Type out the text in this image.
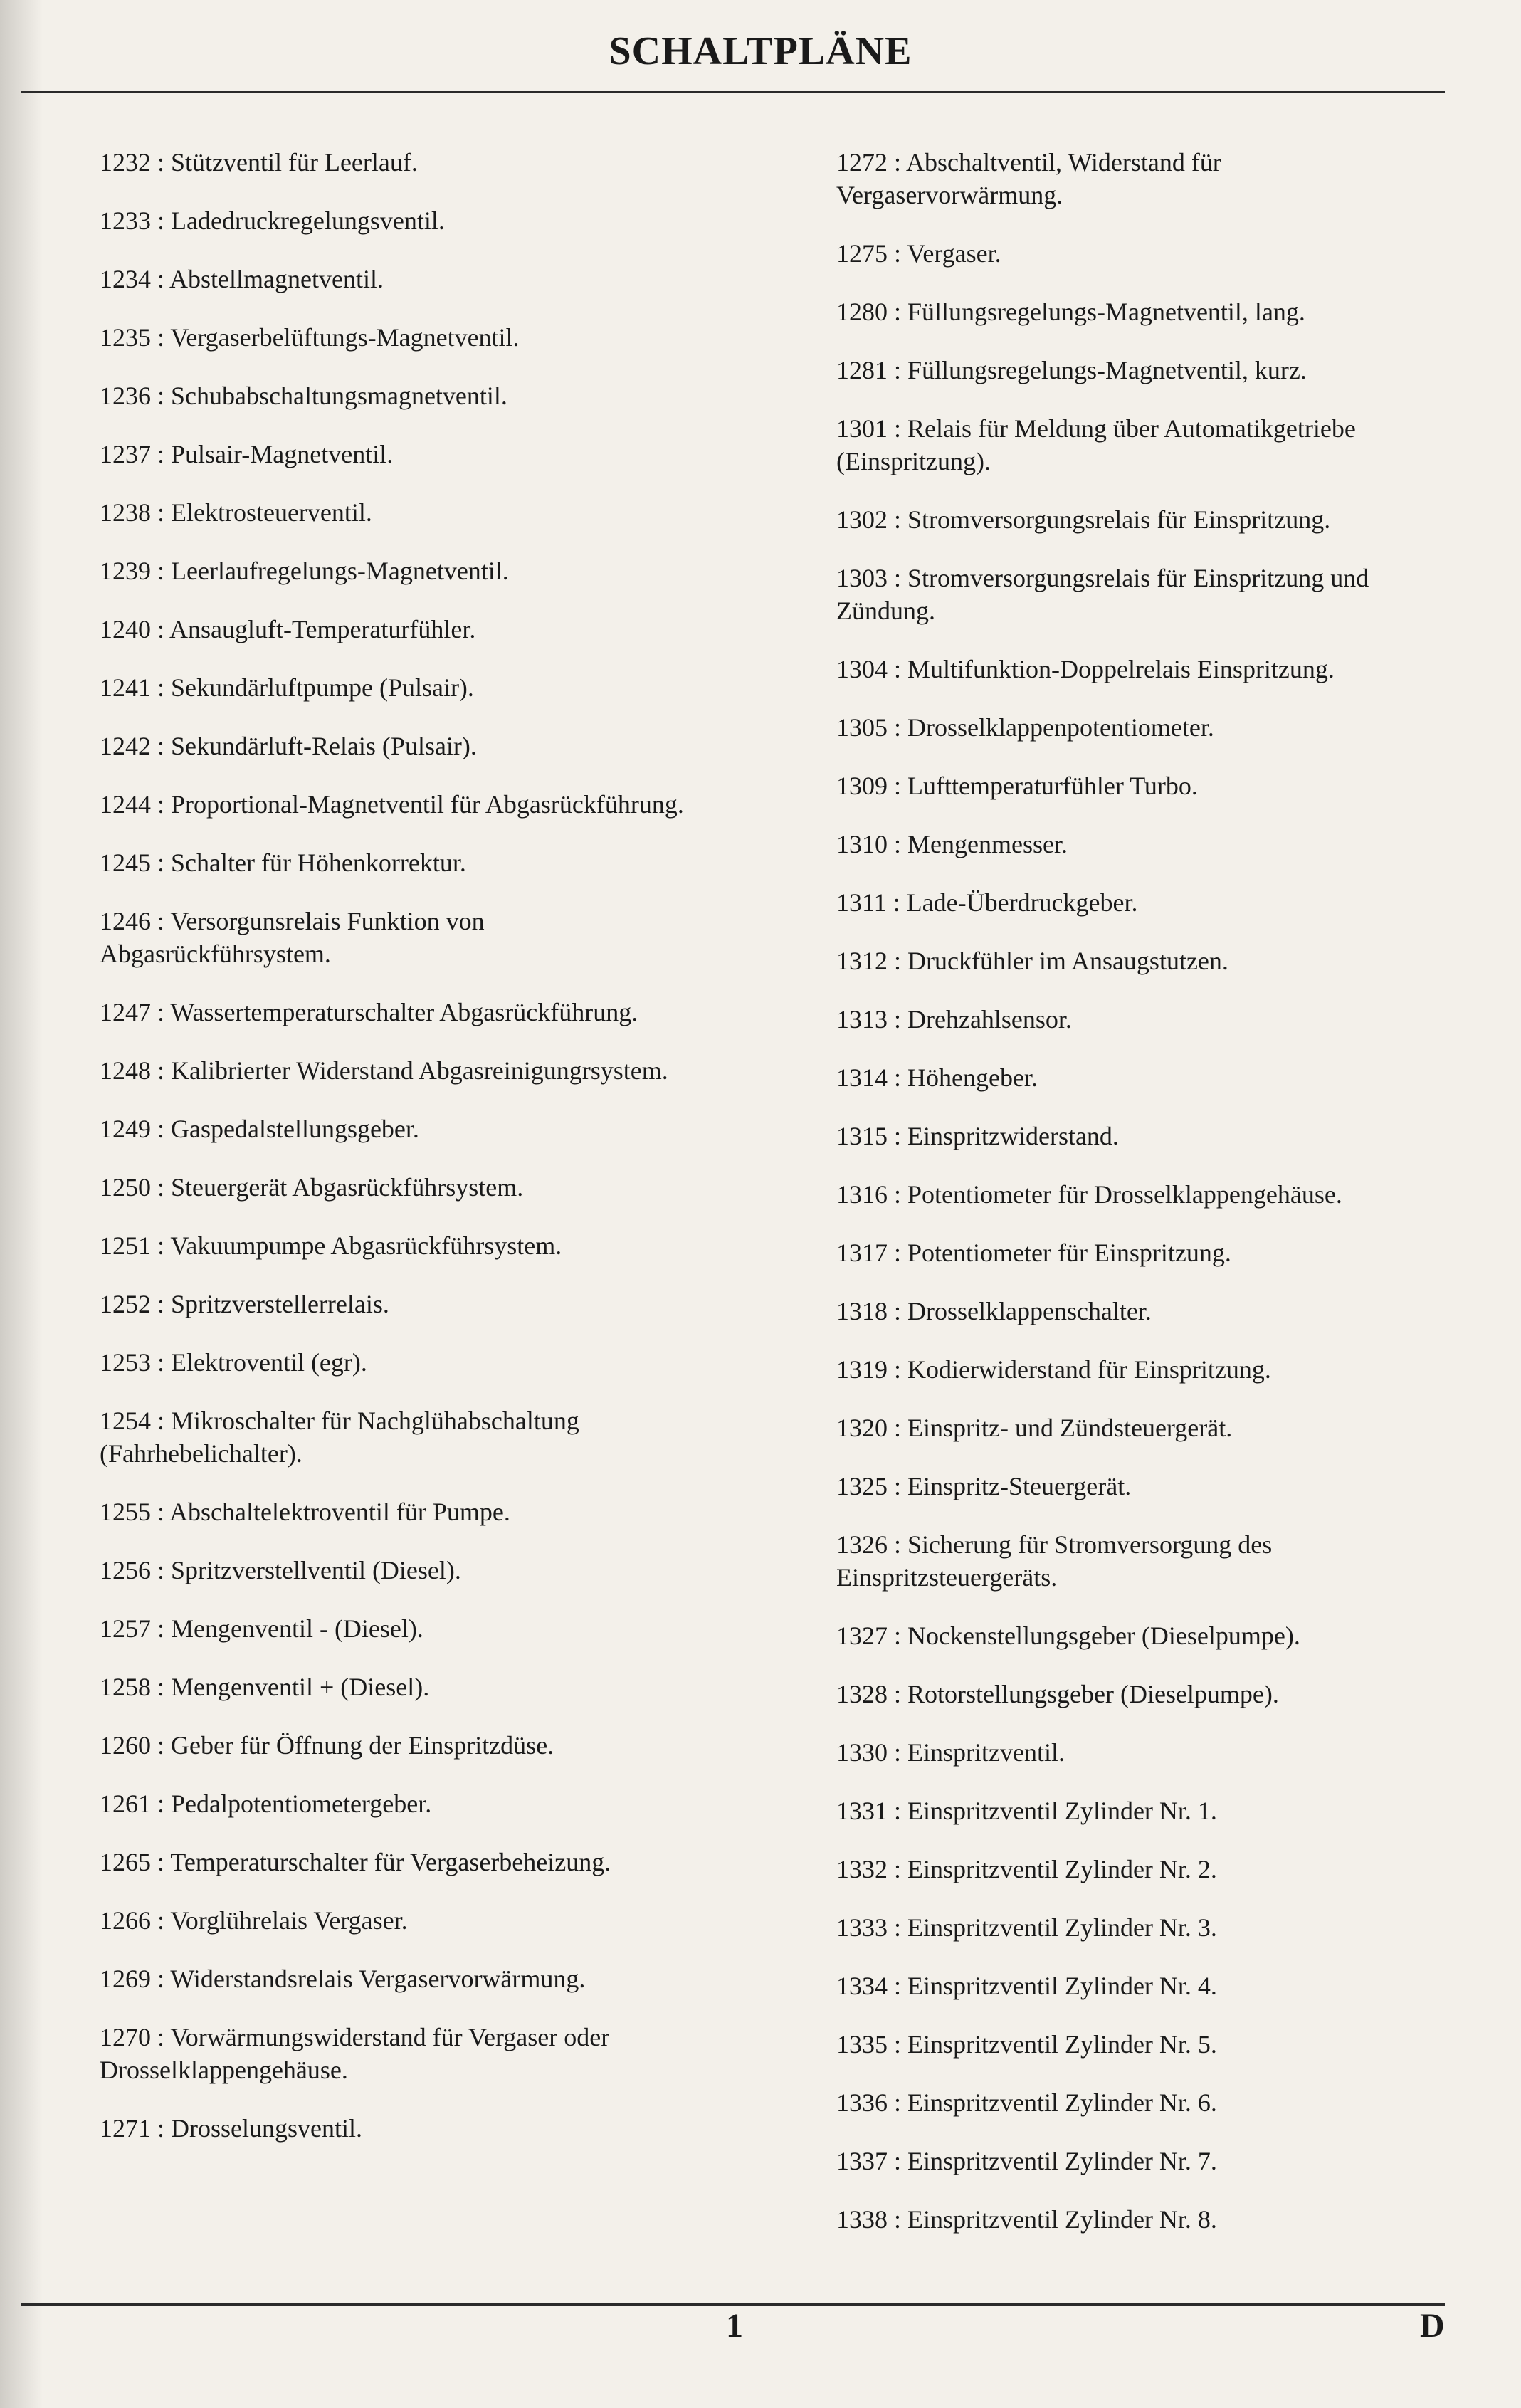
SCHALTPLÄNE
1232 : Stützventil für Leerlauf.
1233 : Ladedruckregelungsventil.
1234 : Abstellmagnetventil.
1235 : Vergaserbelüftungs-Magnetventil.
1236 : Schubabschaltungsmagnetventil.
1237 : Pulsair-Magnetventil.
1238 : Elektrosteuerventil.
1239 : Leerlaufregelungs-Magnetventil.
1240 : Ansaugluft-Temperaturfühler.
1241 : Sekundärluftpumpe (Pulsair).
1242 : Sekundärluft-Relais (Pulsair).
1244 : Proportional-Magnetventil für Abgasrückführung.
1245 : Schalter für Höhenkorrektur.
1246 : Versorgunsrelais Funktion von Abgasrückführsystem.
1247 : Wassertemperaturschalter Abgasrückführung.
1248 : Kalibrierter Widerstand Abgasreinigungrsystem.
1249 : Gaspedalstellungsgeber.
1250 : Steuergerät Abgasrückführsystem.
1251 : Vakuumpumpe Abgasrückführsystem.
1252 : Spritzverstellerrelais.
1253 : Elektroventil (egr).
1254 : Mikroschalter für Nachglühabschaltung (Fahrhebelichalter).
1255 : Abschaltelektroventil für Pumpe.
1256 : Spritzverstellventil (Diesel).
1257 : Mengenventil - (Diesel).
1258 : Mengenventil + (Diesel).
1260 : Geber für Öffnung der Einspritzdüse.
1261 : Pedalpotentiometergeber.
1265 : Temperaturschalter für Vergaserbeheizung.
1266 : Vorglührelais Vergaser.
1269 : Widerstandsrelais Vergaservorwärmung.
1270 : Vorwärmungswiderstand für Vergaser oder Drosselklappengehäuse.
1271 : Drosselungsventil.
1272 : Abschaltventil, Widerstand für Vergaservorwärmung.
1275 : Vergaser.
1280 : Füllungsregelungs-Magnetventil, lang.
1281 : Füllungsregelungs-Magnetventil, kurz.
1301 : Relais für Meldung über Automatikgetriebe (Einspritzung).
1302 : Stromversorgungsrelais für Einspritzung.
1303 : Stromversorgungsrelais für Einspritzung und Zündung.
1304 : Multifunktion-Doppelrelais Einspritzung.
1305 : Drosselklappenpotentiometer.
1309 : Lufttemperaturfühler Turbo.
1310 : Mengenmesser.
1311 : Lade-Überdruckgeber.
1312 : Druckfühler im Ansaugstutzen.
1313 : Drehzahlsensor.
1314 : Höhengeber.
1315 : Einspritzwiderstand.
1316 : Potentiometer für Drosselklappengehäuse.
1317 : Potentiometer für Einspritzung.
1318 : Drosselklappenschalter.
1319 : Kodierwiderstand für Einspritzung.
1320 : Einspritz- und Zündsteuergerät.
1325 : Einspritz-Steuergerät.
1326 : Sicherung für Stromversorgung des Einspritzsteuergeräts.
1327 : Nockenstellungsgeber (Dieselpumpe).
1328 : Rotorstellungsgeber (Dieselpumpe).
1330 : Einspritzventil.
1331 : Einspritzventil Zylinder Nr. 1.
1332 : Einspritzventil Zylinder Nr. 2.
1333 : Einspritzventil Zylinder Nr. 3.
1334 : Einspritzventil Zylinder Nr. 4.
1335 : Einspritzventil Zylinder Nr. 5.
1336 : Einspritzventil Zylinder Nr. 6.
1337 : Einspritzventil Zylinder Nr. 7.
1338 : Einspritzventil Zylinder Nr. 8.
1	D
